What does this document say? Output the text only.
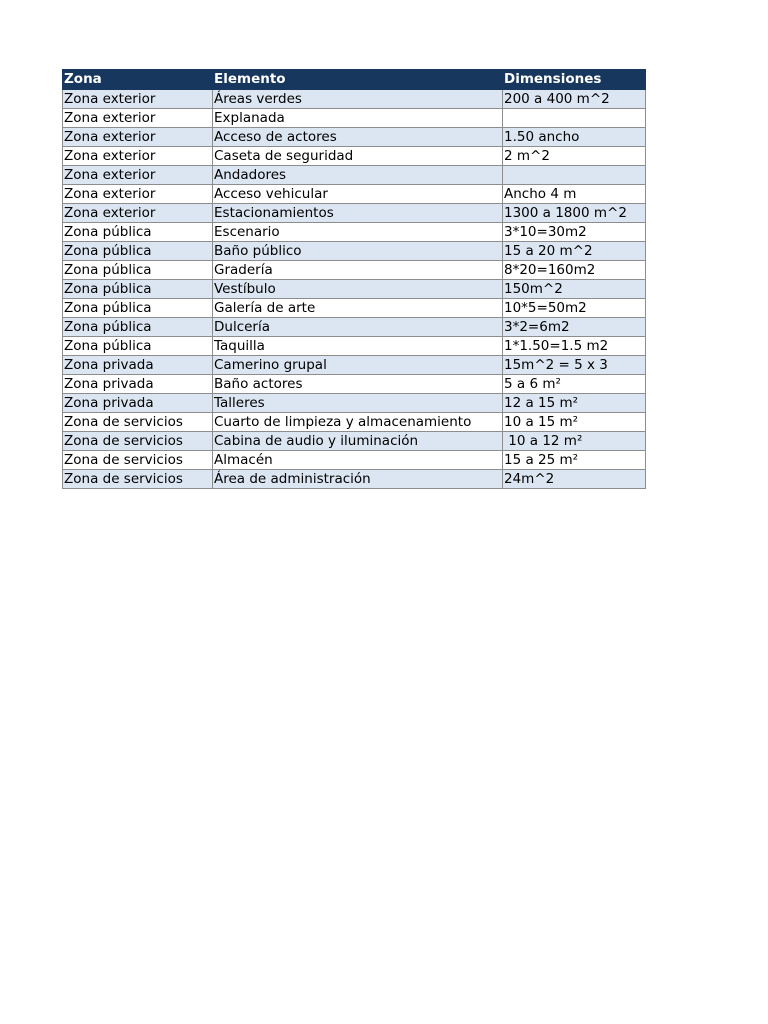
Zona	Elemento	Dimensiones
Zona exterior	Áreas verdes	200 a 400 m^2
Zona exterior	Explanada	
Zona exterior	Acceso de actores	1.50 ancho
Zona exterior	Caseta de seguridad	2 m^2
Zona exterior	Andadores	
Zona exterior	Acceso vehicular	Ancho 4 m
Zona exterior	Estacionamientos	1300 a 1800 m^2
Zona pública	Escenario	3*10=30m2
Zona pública	Baño público	15 a 20 m^2
Zona pública	Gradería	8*20=160m2
Zona pública	Vestíbulo	150m^2
Zona pública	Galería de arte	10*5=50m2
Zona pública	Dulcería	3*2=6m2
Zona pública	Taquilla	1*1.50=1.5 m2
Zona privada	Camerino grupal	15m^2 = 5 x 3
Zona privada	Baño actores	5 a 6 m²
Zona privada	Talleres	12 a 15 m²
Zona de servicios	Cuarto de limpieza y almacenamiento	10 a 15 m²
Zona de servicios	Cabina de audio y iluminación	10 a 12 m²
Zona de servicios	Almacén	15 a 25 m²
Zona de servicios	Área de administración	24m^2
